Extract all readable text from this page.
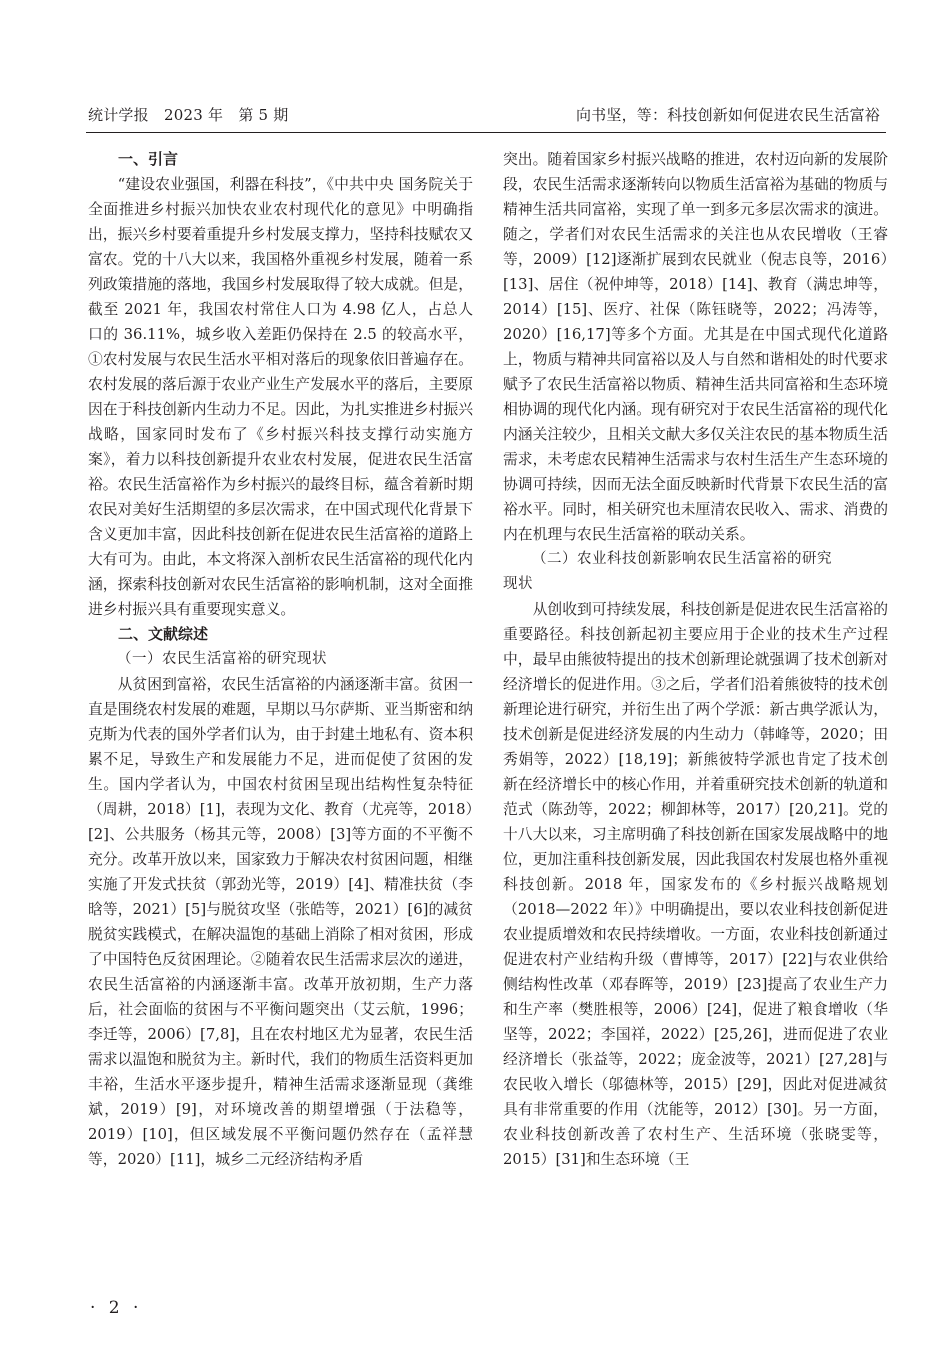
统计学报　2023 年　第 5 期	向书坚，等：科技创新如何促进农民生活富裕
一、引言

“建设农业强国，利器在科技”，《中共中央 国务院关于全面推进乡村振兴加快农业农村现代化的意见》中明确指出，振兴乡村要着重提升乡村发展支撑力，坚持科技赋农又富农。党的十八大以来，我国格外重视乡村发展，随着一系列政策措施的落地，我国乡村发展取得了较大成就。但是，截至 2021 年，我国农村常住人口为 4.98 亿人，占总人口的 36.11%，城乡收入差距仍保持在 2.5 的较高水平，①农村发展与农民生活水平相对落后的现象依旧普遍存在。农村发展的落后源于农业产业生产发展水平的落后，主要原因在于科技创新内生动力不足。因此，为扎实推进乡村振兴战略，国家同时发布了《乡村振兴科技支撑行动实施方案》，着力以科技创新提升农业农村发展，促进农民生活富裕。农民生活富裕作为乡村振兴的最终目标，蕴含着新时期农民对美好生活期望的多层次需求，在中国式现代化背景下含义更加丰富，因此科技创新在促进农民生活富裕的道路上大有可为。由此，本文将深入剖析农民生活富裕的现代化内涵，探索科技创新对农民生活富裕的影响机制，这对全面推进乡村振兴具有重要现实意义。

二、文献综述
（一）农民生活富裕的研究现状

从贫困到富裕，农民生活富裕的内涵逐渐丰富。贫困一直是围绕农村发展的难题，早期以马尔萨斯、亚当斯密和纳克斯为代表的国外学者们认为，由于封建土地私有、资本积累不足，导致生产和发展能力不足，进而促使了贫困的发生。国内学者认为，中国农村贫困呈现出结构性复杂特征（周耕，2018）[1]，表现为文化、教育（尤亮等，2018）[2]、公共服务（杨其元等，2008）[3]等方面的不平衡不充分。改革开放以来，国家致力于解决农村贫困问题，相继实施了开发式扶贫（郭劲光等，2019）[4]、精准扶贫（李晗等，2021）[5]与脱贫攻坚（张皓等，2021）[6]的减贫脱贫实践模式，在解决温饱的基础上消除了相对贫困，形成了中国特色反贫困理论。②随着农民生活需求层次的递进，农民生活富裕的内涵逐渐丰富。改革开放初期，生产力落后，社会面临的贫困与不平衡问题突出（艾云航，1996；李迁等，2006）[7,8]，且在农村地区尤为显著，农民生活需求以温饱和脱贫为主。新时代，我们的物质生活资料更加丰裕，生活水平逐步提升，精神生活需求逐渐显现（龚维斌，2019）[9]，对环境改善的期望增强（于法稳等，2019）[10]，但区域发展不平衡问题仍然存在（孟祥慧等，2020）[11]，城乡二元经济结构矛盾

突出。随着国家乡村振兴战略的推进，农村迈向新的发展阶段，农民生活需求逐渐转向以物质生活富裕为基础的物质与精神生活共同富裕，实现了单一到多元多层次需求的演进。随之，学者们对农民生活需求的关注也从农民增收（王睿等，2009）[12]逐渐扩展到农民就业（倪志良等，2016）[13]、居住（祝仲坤等，2018）[14]、教育（满忠坤等，2014）[15]、医疗、社保（陈钰晓等，2022；冯涛等，2020）[16,17]等多个方面。尤其是在中国式现代化道路上，物质与精神共同富裕以及人与自然和谐相处的时代要求赋予了农民生活富裕以物质、精神生活共同富裕和生态环境相协调的现代化内涵。现有研究对于农民生活富裕的现代化内涵关注较少，且相关文献大多仅关注农民的基本物质生活需求，未考虑农民精神生活需求与农村生活生产生态环境的协调可持续，因而无法全面反映新时代背景下农民生活的富裕水平。同时，相关研究也未厘清农民收入、需求、消费的内在机理与农民生活富裕的联动关系。

（二）农业科技创新影响农民生活富裕的研究
现状

从创收到可持续发展，科技创新是促进农民生活富裕的重要路径。科技创新起初主要应用于企业的技术生产过程中，最早由熊彼特提出的技术创新理论就强调了技术创新对经济增长的促进作用。③之后，学者们沿着熊彼特的技术创新理论进行研究，并衍生出了两个学派：新古典学派认为，技术创新是促进经济发展的内生动力（韩峰等，2020；田秀娟等，2022）[18,19]；新熊彼特学派也肯定了技术创新在经济增长中的核心作用，并着重研究技术创新的轨道和范式（陈劲等，2022；柳卸林等，2017）[20,21]。党的十八大以来，习主席明确了科技创新在国家发展战略中的地位，更加注重科技创新发展，因此我国农村发展也格外重视科技创新。2018 年，国家发布的《乡村振兴战略规划（2018—2022 年）》中明确提出，要以农业科技创新促进农业提质增效和农民持续增收。一方面，农业科技创新通过促进农村产业结构升级（曹博等，2017）[22]与农业供给侧结构性改革（邓春晖等，2019）[23]提高了农业生产力和生产率（樊胜根等，2006）[24]，促进了粮食增收（华坚等，2022；李国祥，2022）[25,26]，进而促进了农业经济增长（张益等，2022；庞金波等，2021）[27,28]与农民收入增长（邬德林等，2015）[29]，因此对促进减贫具有非常重要的作用（沈能等，2012）[30]。另一方面，农业科技创新改善了农村生产、生活环境（张晓雯等，2015）[31]和生态环境（王

· 2 ·
